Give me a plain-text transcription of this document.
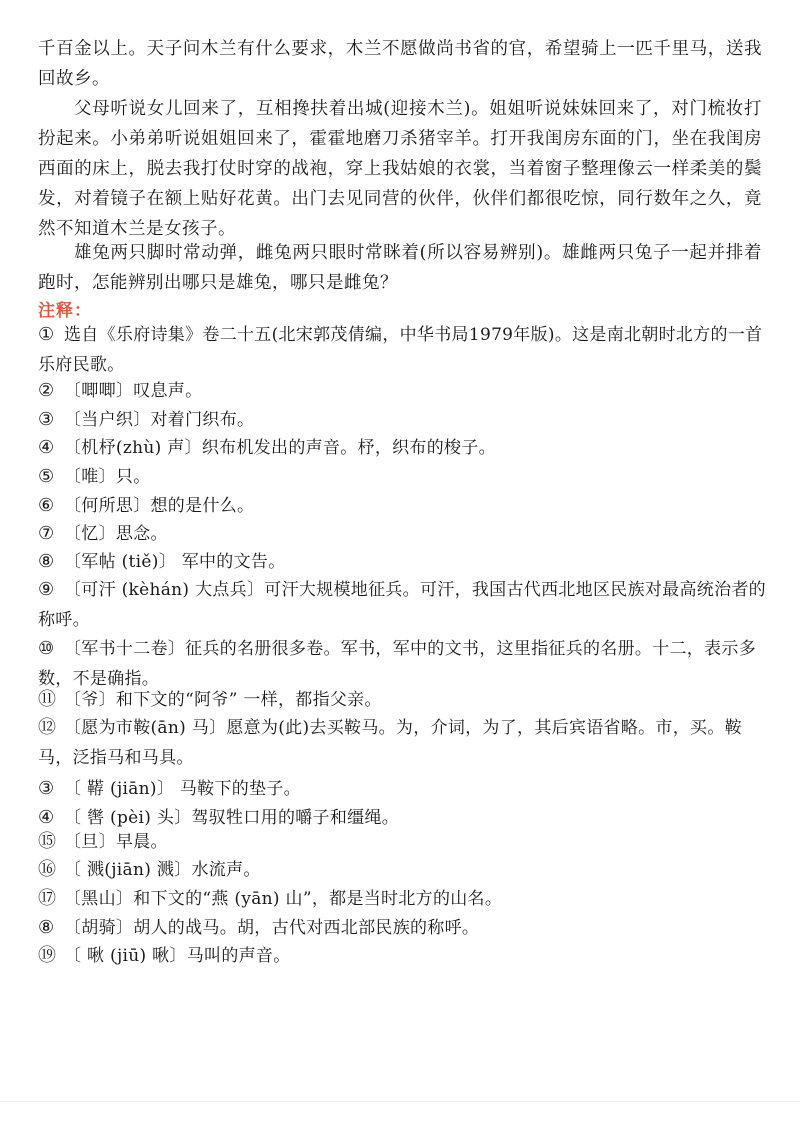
千百金以上。天子问木兰有什么要求，木兰不愿做尚书省的官，希望骑上一匹千里马，送我回故乡。

父母听说女儿回来了，互相搀扶着出城(迎接木兰)。姐姐听说妹妹回来了，对门梳妆打扮起来。小弟弟听说姐姐回来了，霍霍地磨刀杀猪宰羊。打开我闺房东面的门，坐在我闺房西面的床上，脱去我打仗时穿的战袍，穿上我姑娘的衣裳，当着窗子整理像云一样柔美的鬓发，对着镜子在额上贴好花黄。出门去见同营的伙伴，伙伴们都很吃惊，同行数年之久，竟然不知道木兰是女孩子。

雄兔两只脚时常动弹，雌兔两只眼时常眯着(所以容易辨别)。雄雌两只兔子一起并排着跑时，怎能辨别出哪只是雄兔，哪只是雌兔？

注释：
① 选自《乐府诗集》卷二十五(北宋郭茂倩编，中华书局1979年版)。这是南北朝时北方的一首乐府民歌。
② 〔唧唧〕叹息声。
③ 〔当户织〕对着门织布。
④ 〔机杼(zhù) 声〕织布机发出的声音。杼，织布的梭子。
⑤ 〔唯〕只。
⑥ 〔何所思〕想的是什么。
⑦ 〔忆〕思念。
⑧ 〔军帖 (tiě)〕 军中的文告。
⑨ 〔可汗 (kèhán) 大点兵〕可汗大规模地征兵。可汗，我国古代西北地区民族对最高统治者的称呼。
⑩ 〔军书十二卷〕征兵的名册很多卷。军书，军中的文书，这里指征兵的名册。十二，表示多数，不是确指。
⑪ 〔爷〕和下文的“阿爷” 一样，都指父亲。
⑫ 〔愿为市鞍(ān) 马〕愿意为(此)去买鞍马。为，介词，为了，其后宾语省略。市，买。鞍马，泛指马和马具。
③ 〔 鞯 (jiān)〕 马鞍下的垫子。
④ 〔 辔 (pèi) 头〕驾驭牲口用的嚼子和缰绳。
⑮ 〔旦〕早晨。
⑯ 〔 溅(jiān) 溅〕水流声。
⑰ 〔黑山〕和下文的“燕 (yān) 山”，都是当时北方的山名。
⑧ 〔胡骑〕胡人的战马。胡，古代对西北部民族的称呼。
⑲ 〔 啾 (jiū) 啾〕马叫的声音。
